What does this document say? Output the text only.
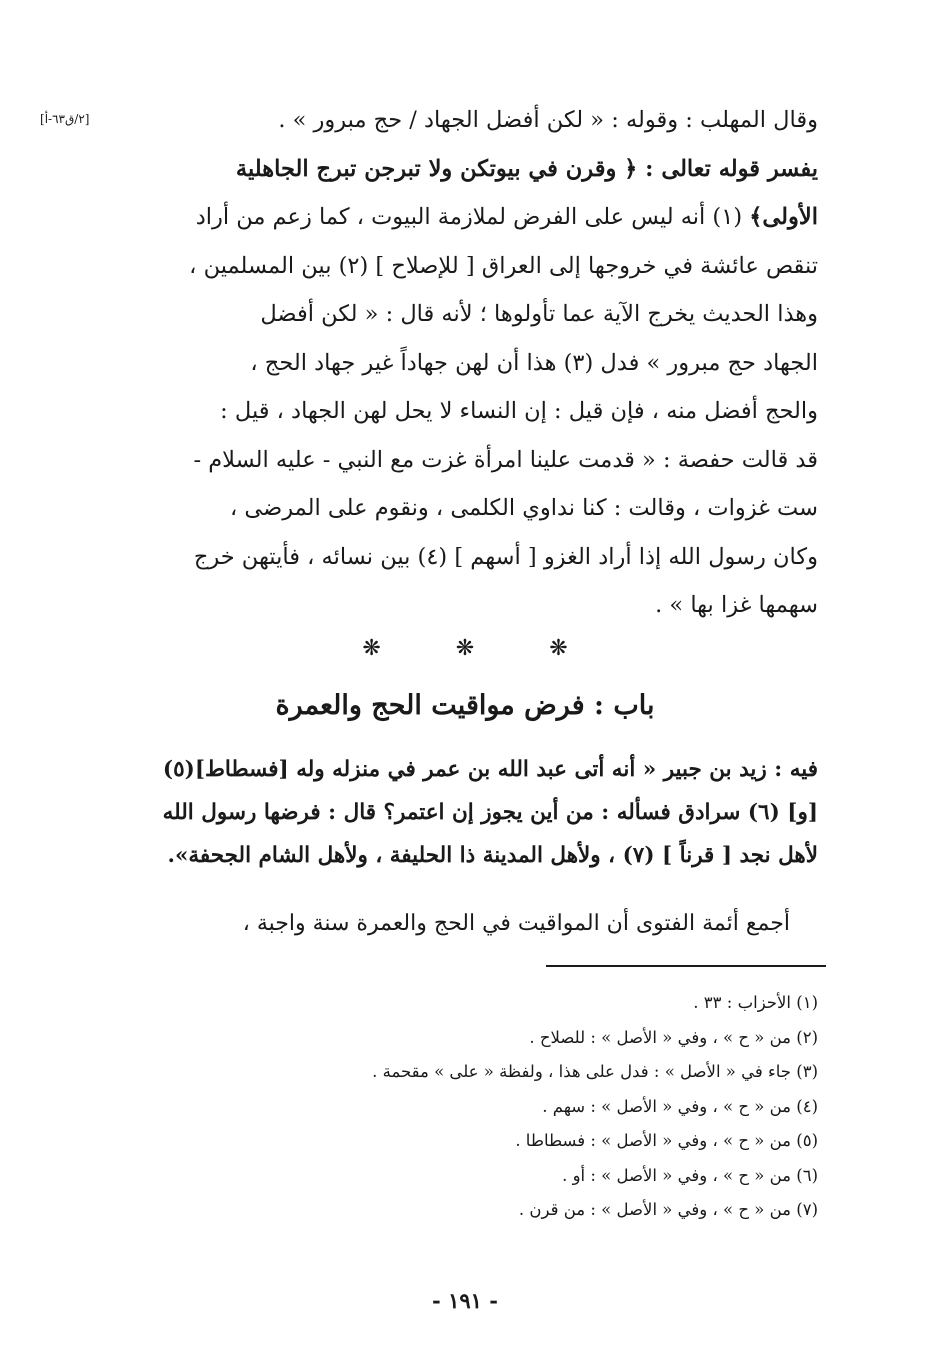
[٢/ق٦٣-أ]	وقال المهلب : وقوله : « لكن أفضل الجهاد / حج مبرور » .

يفسر قوله تعالى : ﴿ وقرن في بيوتكن ولا تبرجن تبرج الجاهلية

الأولى﴾ (١) أنه ليس على الفرض لملازمة البيوت ، كما زعم من أراد

تنقص عائشة في خروجها إلى العراق [ للإصلاح ] (٢) بين المسلمين ،

وهذا الحديث يخرج الآية عما تأولوها ؛ لأنه قال : « لكن أفضل

الجهاد حج مبرور » فدل (٣) هذا أن لهن جهاداً غير جهاد الحج ،

والحج أفضل منه ، فإن قيل : إن النساء لا يحل لهن الجهاد ، قيل :

قد قالت حفصة : « قدمت علينا امرأة غزت مع النبي - عليه السلام -

ست غزوات ، وقالت : كنا نداوي الكلمى ، ونقوم على المرضى ،

وكان رسول الله إذا أراد الغزو [ أسهم ] (٤) بين نسائه ، فأيتهن خرج

سهمها غزا بها » .

❋ ❋ ❋
باب : فرض مواقيت الحج والعمرة

فيه : زيد بن جبير « أنه أتى عبد الله بن عمر في منزله وله [فسطاط](٥)

[و] (٦) سرادق فسأله : من أين يجوز إن اعتمر؟ قال : فرضها رسول الله

لأهل نجد [ قرناً ] (٧) ، ولأهل المدينة ذا الحليفة ، ولأهل الشام الجحفة».

أجمع أئمة الفتوى أن المواقيت في الحج والعمرة سنة واجبة ،

(١) الأحزاب : ٣٣ .

(٢) من « ح » ، وفي « الأصل » : للصلاح .

(٣) جاء في « الأصل » : فدل على هذا ، ولفظة « على » مقحمة .

(٤) من « ح » ، وفي « الأصل » : سهم .

(٥) من « ح » ، وفي « الأصل » : فسطاطا .

(٦) من « ح » ، وفي « الأصل » : أو .

(٧) من « ح » ، وفي « الأصل » : من قرن .

- ١٩١ -
